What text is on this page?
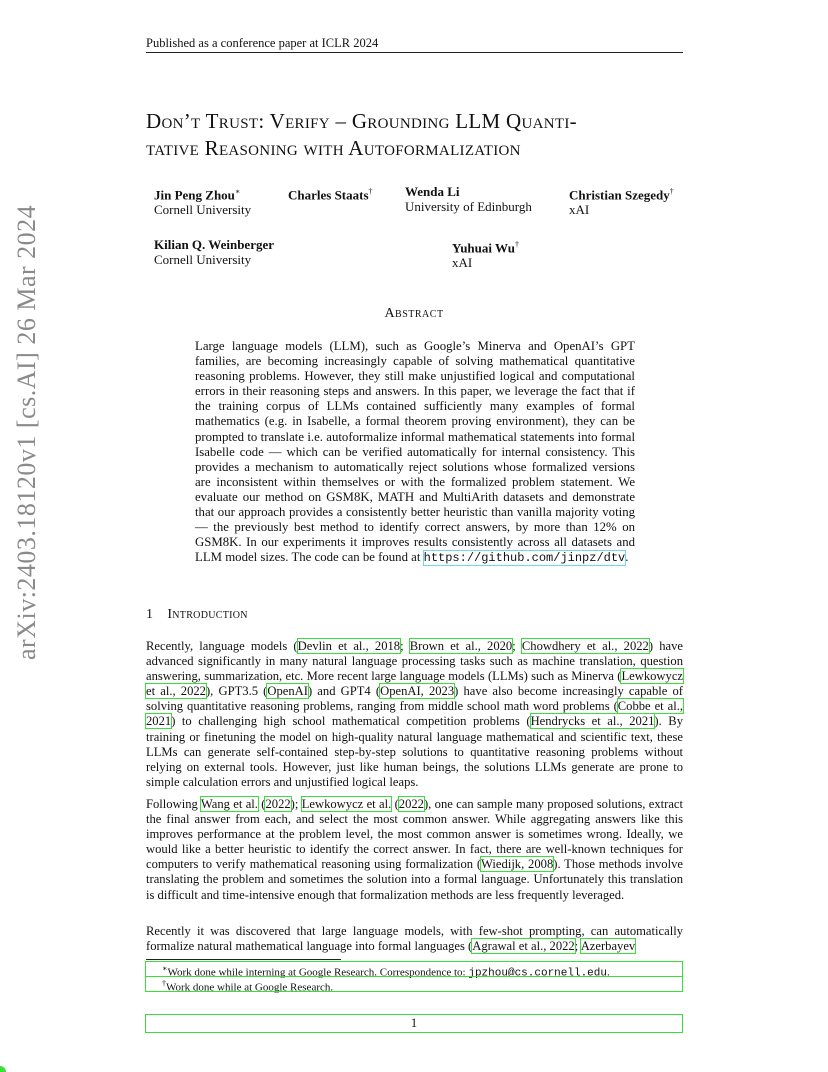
Published as a conference paper at ICLR 2024
Don’t Trust: Verify – Grounding LLM Quanti-
tative Reasoning with Autoformalization
Jin Peng Zhou∗
Cornell University
Charles Staats† Wenda Li
University of Edinburgh
Christian Szegedy†
xAI
Kilian Q. Weinberger
Cornell University
Yuhuai Wu†
xAI
arXiv:2403.18120v1 [cs.AI] 26 Mar 2024	Abstract
Large language models (LLM), such as Google’s Minerva and OpenAI’s GPT families, are becoming increasingly capable of solving mathematical quantitative reasoning problems. However, they still make unjustified logical and computational errors in their reasoning steps and answers. In this paper, we leverage the fact that if the training corpus of LLMs contained sufficiently many examples of formal mathematics (e.g. in Isabelle, a formal theorem proving environment), they can be prompted to translate i.e. autoformalize informal mathematical statements into formal Isabelle code — which can be verified automatically for internal consistency. This provides a mechanism to automatically reject solutions whose formalized versions are inconsistent within themselves or with the formalized problem statement. We evaluate our method on GSM8K, MATH and MultiArith datasets and demonstrate that our approach provides a consistently better heuristic than vanilla majority voting — the previously best method to identify correct answers, by more than 12% on GSM8K. In our experiments it improves results consistently across all datasets and LLM model sizes. The code can be found at https://github.com/jinpz/dtv.
1 Introduction
Recently, language models (Devlin et al., 2018; Brown et al., 2020; Chowdhery et al., 2022) have advanced significantly in many natural language processing tasks such as machine translation, question answering, summarization, etc. More recent large language models (LLMs) such as Minerva (Lewkowycz et al., 2022), GPT3.5 (OpenAI) and GPT4 (OpenAI, 2023) have also become increasingly capable of solving quantitative reasoning problems, ranging from middle school math word problems (Cobbe et al., 2021) to challenging high school mathematical competition problems (Hendrycks et al., 2021). By training or finetuning the model on high-quality natural language mathematical and scientific text, these LLMs can generate self-contained step-by-step solutions to quantitative reasoning problems without relying on external tools. However, just like human beings, the solutions LLMs generate are prone to simple calculation errors and unjustified logical leaps.
Following Wang et al. (2022); Lewkowycz et al. (2022), one can sample many proposed solutions, extract the final answer from each, and select the most common answer. While aggregating answers like this improves performance at the problem level, the most common answer is sometimes wrong. Ideally, we would like a better heuristic to identify the correct answer. In fact, there are well-known techniques for computers to verify mathematical reasoning using formalization (Wiedijk, 2008). Those methods involve translating the problem and sometimes the solution into a formal language. Unfortunately this translation is difficult and time-intensive enough that formalization methods are less frequently leveraged.
Recently it was discovered that large language models, with few-shot prompting, can automatically formalize natural mathematical language into formal languages (Agrawal et al., 2022; Azerbayev
∗Work done while interning at Google Research. Correspondence to: jpzhou@cs.cornell.edu.
†Work done while at Google Research.
1
